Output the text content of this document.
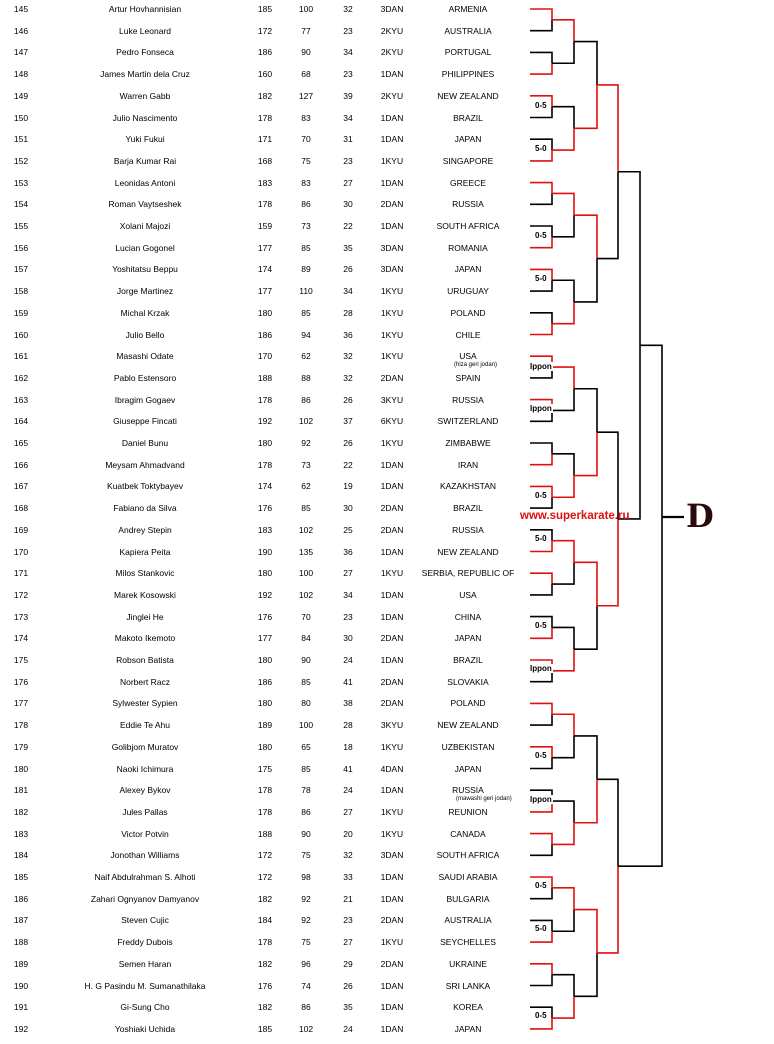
145	Artur Hovhannisian	185	100	32	3DAN	ARMENIA
146	Luke Leonard	172	77	23	2KYU	AUSTRALIA
147	Pedro Fonseca	186	90	34	2KYU	PORTUGAL
148	James Martin dela Cruz	160	68	23	1DAN	PHILIPPINES
149	Warren Gabb	182	127	39	2KYU	NEW ZEALAND
150	Julio Nascimento	178	83	34	1DAN	BRAZIL
151	Yuki Fukui	171	70	31	1DAN	JAPAN
152	Barja Kumar Rai	168	75	23	1KYU	SINGAPORE
153	Leonidas Antoni	183	83	27	1DAN	GREECE
154	Roman Vaytseshek	178	86	30	2DAN	RUSSIA
155	Xolani Majozi	159	73	22	1DAN	SOUTH AFRICA
156	Lucian Gogonel	177	85	35	3DAN	ROMANIA
157	Yoshitatsu Beppu	174	89	26	3DAN	JAPAN
158	Jorge Martinez	177	110	34	1KYU	URUGUAY
159	Michal Krzak	180	85	28	1KYU	POLAND
160	Julio Bello	186	94	36	1KYU	CHILE
161	Masashi Odate	170	62	32	1KYU	USA
162	Pablo Estensoro	188	88	32	2DAN	SPAIN
163	Ibragim Gogaev	178	86	26	3KYU	RUSSIA
164	Giuseppe Fincati	192	102	37	6KYU	SWITZERLAND
165	Daniel Bunu	180	92	26	1KYU	ZIMBABWE
166	Meysam Ahmadvand	178	73	22	1DAN	IRAN
167	Kuatbek Toktybayev	174	62	19	1DAN	KAZAKHSTAN
168	Fabiano da Silva	176	85	30	2DAN	BRAZIL
169	Andrey Stepin	183	102	25	2DAN	RUSSIA
170	Kapiera Peita	190	135	36	1DAN	NEW ZEALAND
171	Milos Stankovic	180	100	27	1KYU	SERBIA, REPUBLIC OF
172	Marek Kosowski	192	102	34	1DAN	USA
173	Jinglei He	176	70	23	1DAN	CHINA
174	Makoto Ikemoto	177	84	30	2DAN	JAPAN
175	Robson Batista	180	90	24	1DAN	BRAZIL
176	Norbert Racz	186	85	41	2DAN	SLOVAKIA
177	Sylwester Sypien	180	80	38	2DAN	POLAND
178	Eddie Te Ahu	189	100	28	3KYU	NEW ZEALAND
179	Golibjom Muratov	180	65	18	1KYU	UZBEKISTAN
180	Naoki Ichimura	175	85	41	4DAN	JAPAN
181	Alexey Bykov	178	78	24	1DAN	RUSSIA
182	Jules Pallas	178	86	27	1KYU	REUNION
183	Victor Potvin	188	90	20	1KYU	CANADA
184	Jonothan Williams	172	75	32	3DAN	SOUTH AFRICA
185	Naif Abdulrahman S. Alhoti	172	98	33	1DAN	SAUDI ARABIA
186	Zahari Ognyanov Damyanov	182	92	21	1DAN	BULGARIA
187	Steven Cujic	184	92	23	2DAN	AUSTRALIA
188	Freddy Dubois	178	75	27	1KYU	SEYCHELLES
189	Semen Haran	182	96	29	2DAN	UKRAINE
190	H. G Pasindu M. Sumanathilaka	176	74	26	1DAN	SRI LANKA
191	Gi-Sung Cho	182	86	35	1DAN	KOREA
192	Yoshiaki Uchida	185	102	24	1DAN	JAPAN
(hiza geri jodan)
(mawashi geri jodan)
0-5
5-0
0-5
5-0
Ippon
Ippon
0-5
5-0
0-5
Ippon
0-5
Ippon
0-5
5-0
0-5
www.superkarate.ru D
